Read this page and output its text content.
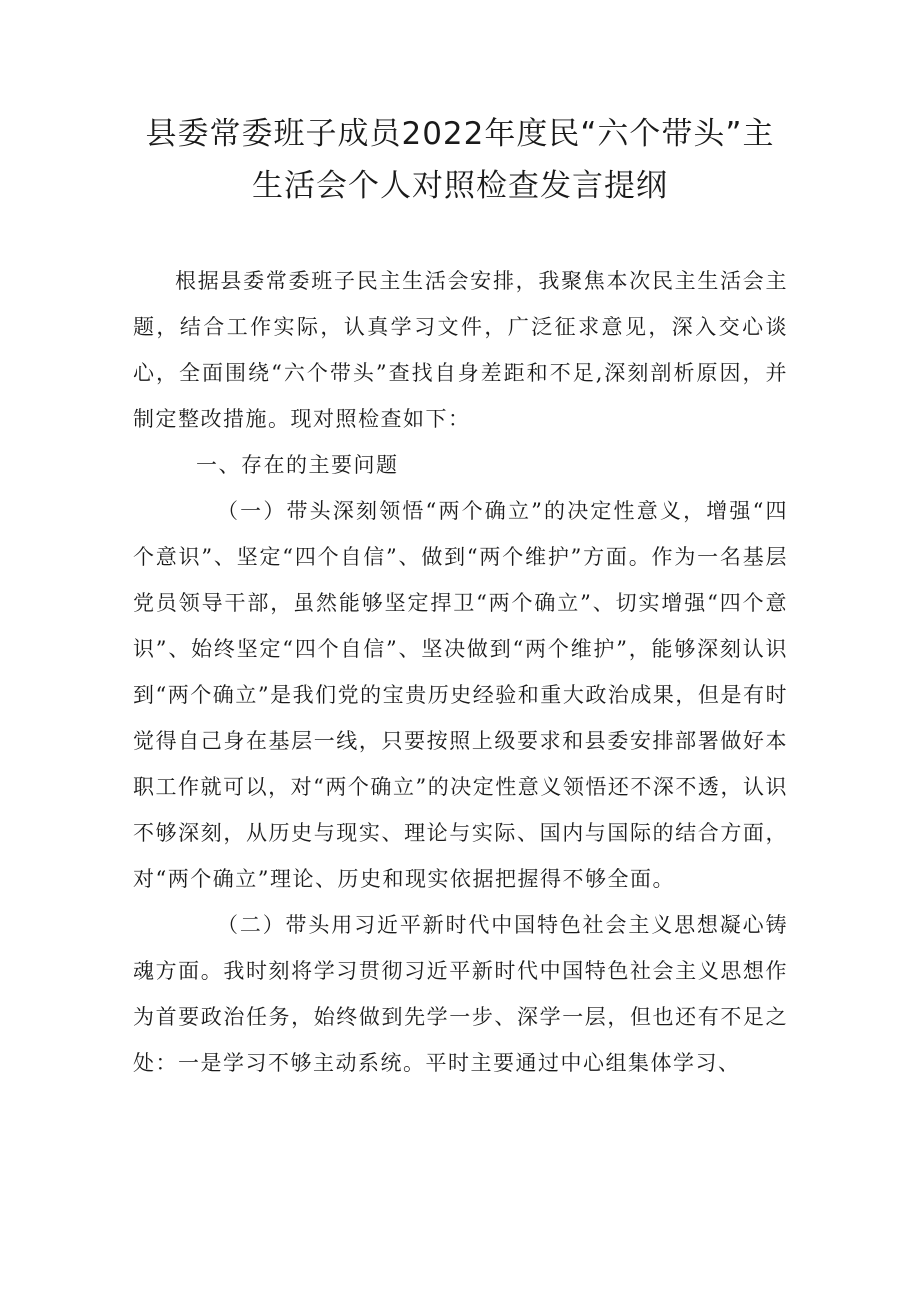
县委常委班子成员2022年度民“六个带头”主
生活会个人对照检查发言提纲

根据县委常委班子民主生活会安排，我聚焦本次民主生活会主题，结合工作实际，认真学习文件，广泛征求意见，深入交心谈心，全面围绕“六个带头”查找自身差距和不足,深刻剖析原因，并制定整改措施。现对照检查如下：

一、存在的主要问题

（一）带头深刻领悟“两个确立”的决定性意义，增强“四个意识”、坚定“四个自信”、做到“两个维护”方面。作为一名基层党员领导干部，虽然能够坚定捍卫“两个确立”、切实增强“四个意识”、始终坚定“四个自信”、坚决做到“两个维护”，能够深刻认识到“两个确立”是我们党的宝贵历史经验和重大政治成果，但是有时觉得自己身在基层一线，只要按照上级要求和县委安排部署做好本职工作就可以，对“两个确立”的决定性意义领悟还不深不透，认识不够深刻，从历史与现实、理论与实际、国内与国际的结合方面，对“两个确立”理论、历史和现实依据把握得不够全面。

（二）带头用习近平新时代中国特色社会主义思想凝心铸魂方面。我时刻将学习贯彻习近平新时代中国特色社会主义思想作为首要政治任务，始终做到先学一步、深学一层，但也还有不足之处：一是学习不够主动系统。平时主要通过中心组集体学习、
